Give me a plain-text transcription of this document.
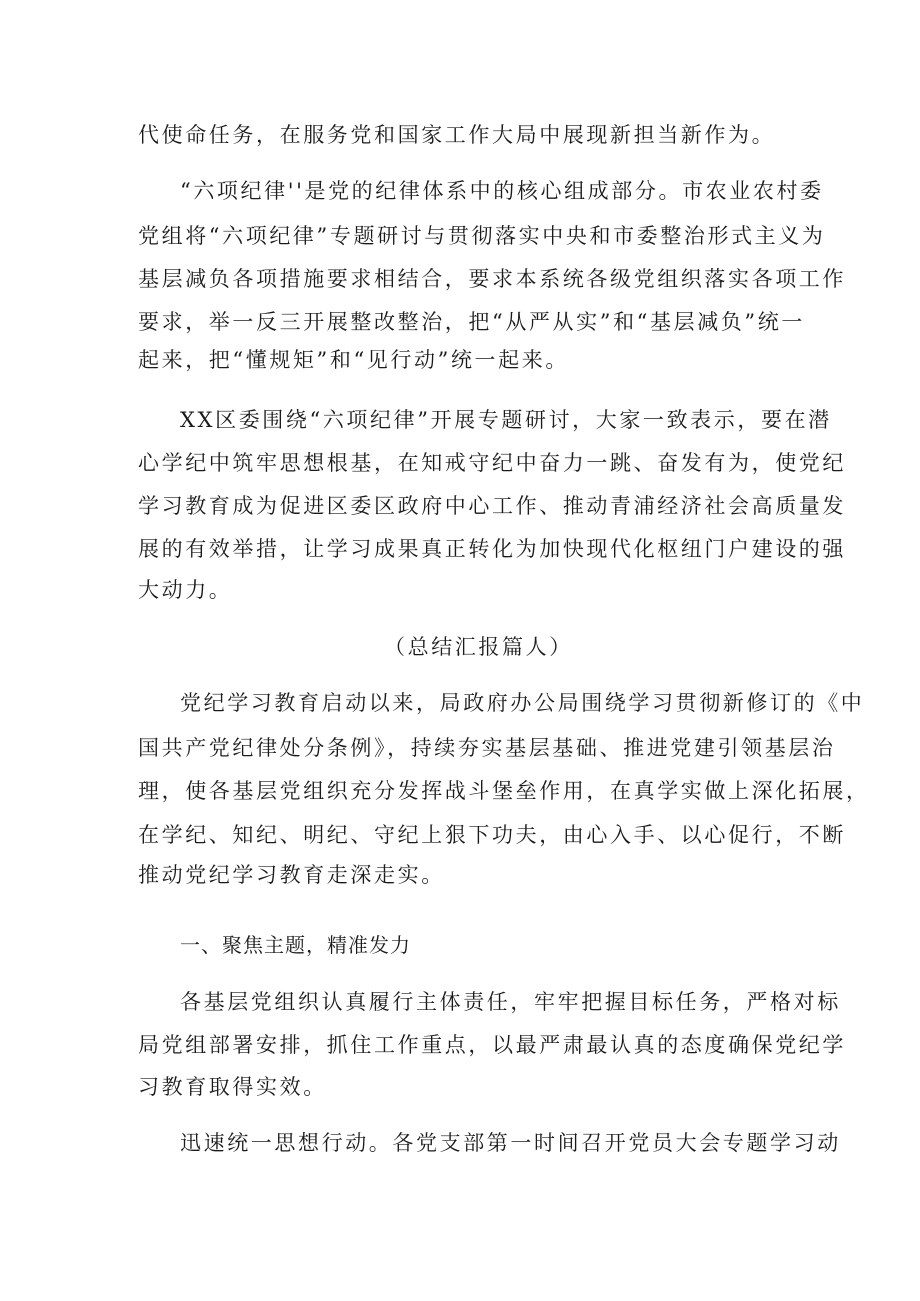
代使命任务，在服务党和国家工作大局中展现新担当新作为。
“六项纪律''是党的纪律体系中的核心组成部分。市农业农村委
党组将“六项纪律”专题研讨与贯彻落实中央和市委整治形式主义为
基层减负各项措施要求相结合，要求本系统各级党组织落实各项工作
要求，举一反三开展整改整治，把“从严从实”和“基层减负”统一
起来，把“懂规矩”和“见行动”统一起来。
XX区委围绕“六项纪律”开展专题研讨，大家一致表示，要在潜
心学纪中筑牢思想根基，在知戒守纪中奋力一跳、奋发有为，使党纪
学习教育成为促进区委区政府中心工作、推动青浦经济社会高质量发
展的有效举措，让学习成果真正转化为加快现代化枢纽门户建设的强
大动力。
（总结汇报篇人）
党纪学习教育启动以来，局政府办公局围绕学习贯彻新修订的《中
国共产党纪律处分条例》，持续夯实基层基础、推进党建引领基层治
理，使各基层党组织充分发挥战斗堡垒作用，在真学实做上深化拓展，
在学纪、知纪、明纪、守纪上狠下功夫，由心入手、以心促行，不断
推动党纪学习教育走深走实。
一、聚焦主题，精准发力
各基层党组织认真履行主体责任，牢牢把握目标任务，严格对标
局党组部署安排，抓住工作重点，以最严肃最认真的态度确保党纪学
习教育取得实效。
迅速统一思想行动。各党支部第一时间召开党员大会专题学习动
